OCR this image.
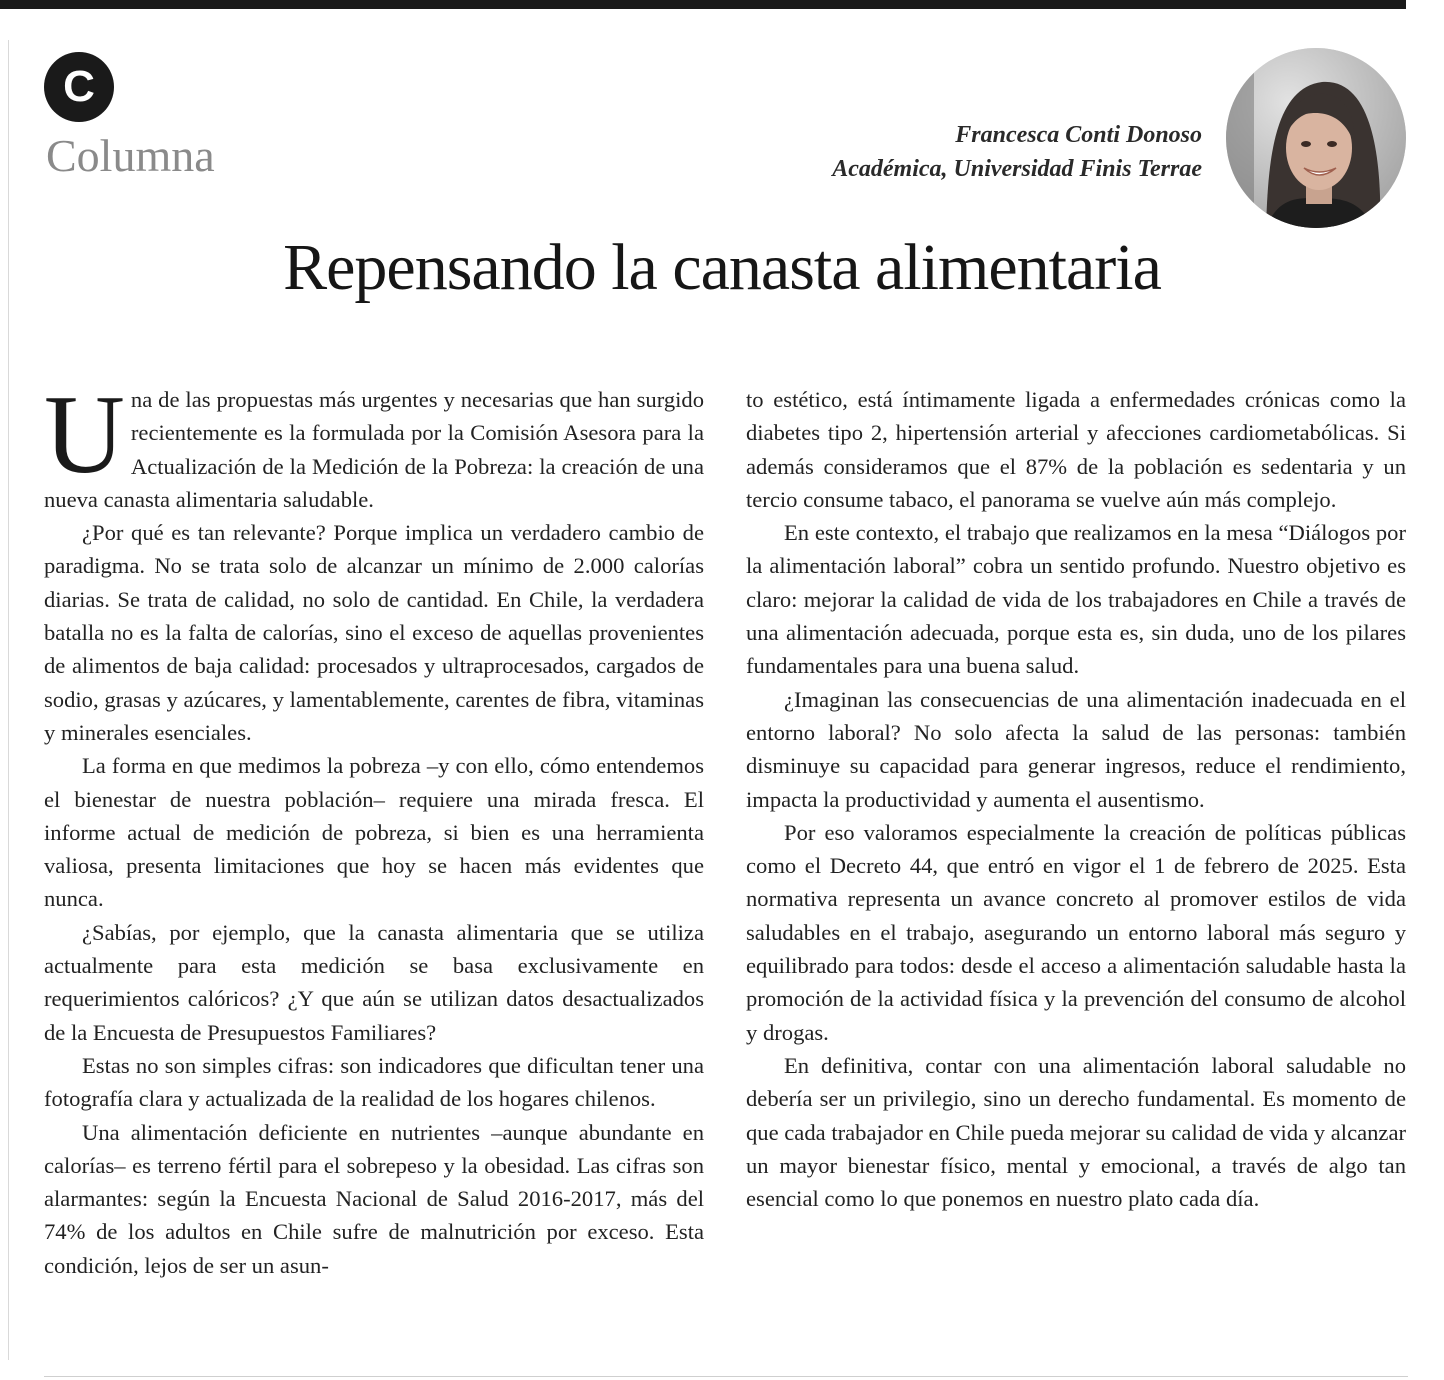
C
Columna	Francesca Conti Donoso
Académica, Universidad Finis Terrae
Repensando la canasta alimentaria

Una de las propuestas más urgentes y necesarias que han surgido recientemente es la formulada por la Comisión Asesora para la Actualización de la Medición de la Pobreza: la creación de una nueva canasta alimentaria saludable.

¿Por qué es tan relevante? Porque implica un verdadero cambio de paradigma. No se trata solo de alcanzar un mínimo de 2.000 calorías diarias. Se trata de calidad, no solo de cantidad. En Chile, la verdadera batalla no es la falta de calorías, sino el exceso de aquellas provenientes de alimentos de baja calidad: procesados y ultraprocesados, cargados de sodio, grasas y azúcares, y lamentablemente, carentes de fibra, vitaminas y minerales esenciales.

La forma en que medimos la pobreza –y con ello, cómo entendemos el bienestar de nuestra población– requiere una mirada fresca. El informe actual de medición de pobreza, si bien es una herramienta valiosa, presenta limitaciones que hoy se hacen más evidentes que nunca.

¿Sabías, por ejemplo, que la canasta alimentaria que se utiliza actualmente para esta medición se basa exclusivamente en requerimientos calóricos? ¿Y que aún se utilizan datos desactualizados de la Encuesta de Presupuestos Familiares?

Estas no son simples cifras: son indicadores que dificultan tener una fotografía clara y actualizada de la realidad de los hogares chilenos.

Una alimentación deficiente en nutrientes –aunque abundante en calorías– es terreno fértil para el sobrepeso y la obesidad. Las cifras son alarmantes: según la Encuesta Nacional de Salud 2016-2017, más del 74% de los adultos en Chile sufre de malnutrición por exceso. Esta condición, lejos de ser un asun-

to estético, está íntimamente ligada a enfermedades crónicas como la diabetes tipo 2, hipertensión arterial y afecciones cardiometabólicas. Si además consideramos que el 87% de la población es sedentaria y un tercio consume tabaco, el panorama se vuelve aún más complejo.

En este contexto, el trabajo que realizamos en la mesa “Diálogos por la alimentación laboral” cobra un sentido profundo. Nuestro objetivo es claro: mejorar la calidad de vida de los trabajadores en Chile a través de una alimentación adecuada, porque esta es, sin duda, uno de los pilares fundamentales para una buena salud.

¿Imaginan las consecuencias de una alimentación inadecuada en el entorno laboral? No solo afecta la salud de las personas: también disminuye su capacidad para generar ingresos, reduce el rendimiento, impacta la productividad y aumenta el ausentismo.

Por eso valoramos especialmente la creación de políticas públicas como el Decreto 44, que entró en vigor el 1 de febrero de 2025. Esta normativa representa un avance concreto al promover estilos de vida saludables en el trabajo, asegurando un entorno laboral más seguro y equilibrado para todos: desde el acceso a alimentación saludable hasta la promoción de la actividad física y la prevención del consumo de alcohol y drogas.

En definitiva, contar con una alimentación laboral saludable no debería ser un privilegio, sino un derecho fundamental. Es momento de que cada trabajador en Chile pueda mejorar su calidad de vida y alcanzar un mayor bienestar físico, mental y emocional, a través de algo tan esencial como lo que ponemos en nuestro plato cada día.
